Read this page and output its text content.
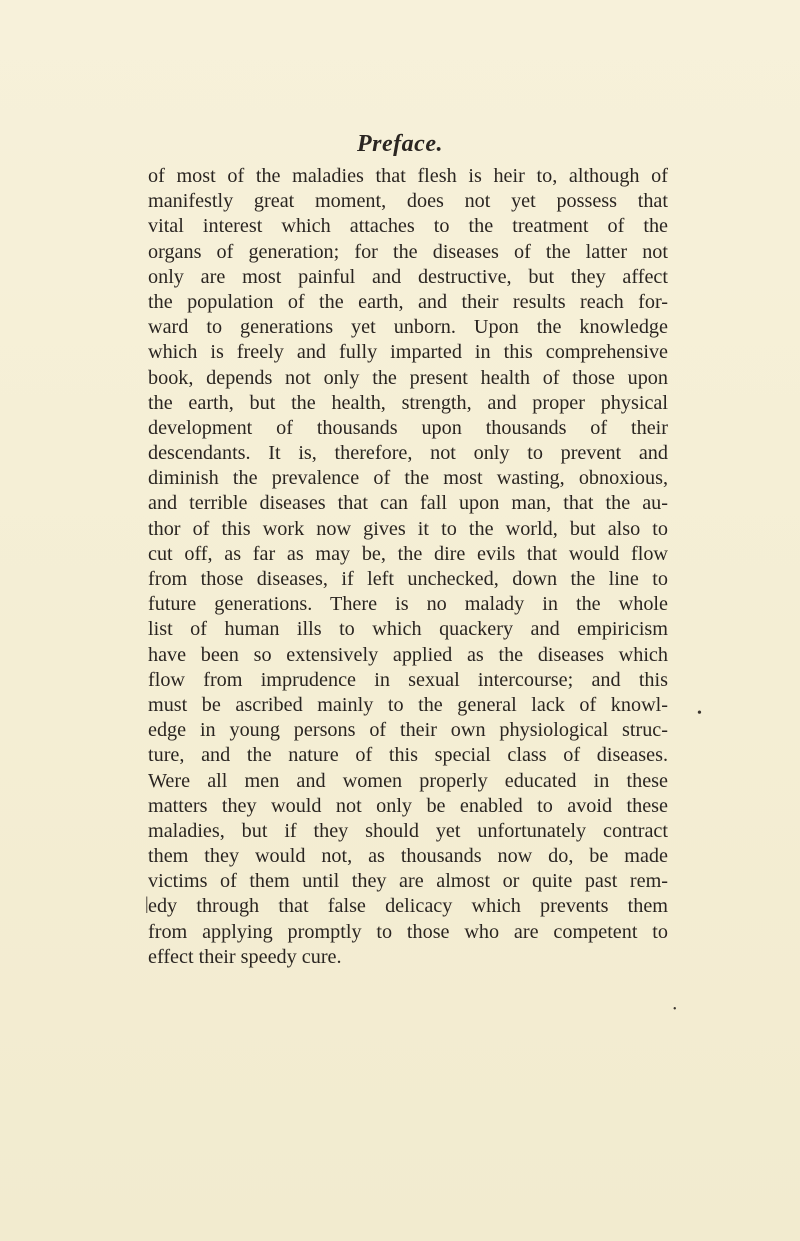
Preface.
of most of the maladies that flesh is heir to, although of
manifestly great moment, does not yet possess that
vital interest which attaches to the treatment of the
organs of generation; for the diseases of the latter not
only are most painful and destructive, but they affect
the population of the earth, and their results reach for-
ward to generations yet unborn. Upon the knowledge
which is freely and fully imparted in this comprehensive
book, depends not only the present health of those upon
the earth, but the health, strength, and proper physical
development of thousands upon thousands of their
descendants. It is, therefore, not only to prevent and
diminish the prevalence of the most wasting, obnoxious,
and terrible diseases that can fall upon man, that the au-
thor of this work now gives it to the world, but also to
cut off, as far as may be, the dire evils that would flow
from those diseases, if left unchecked, down the line to
future generations. There is no malady in the whole
list of human ills to which quackery and empiricism
have been so extensively applied as the diseases which
flow from imprudence in sexual intercourse; and this
must be ascribed mainly to the general lack of knowl-
edge in young persons of their own physiological struc-
ture, and the nature of this special class of diseases.
Were all men and women properly educated in these
matters they would not only be enabled to avoid these
maladies, but if they should yet unfortunately contract
them they would not, as thousands now do, be made
victims of them until they are almost or quite past rem-
edy through that false delicacy which prevents them
from applying promptly to those who are competent to
effect their speedy cure.
•
|
•
